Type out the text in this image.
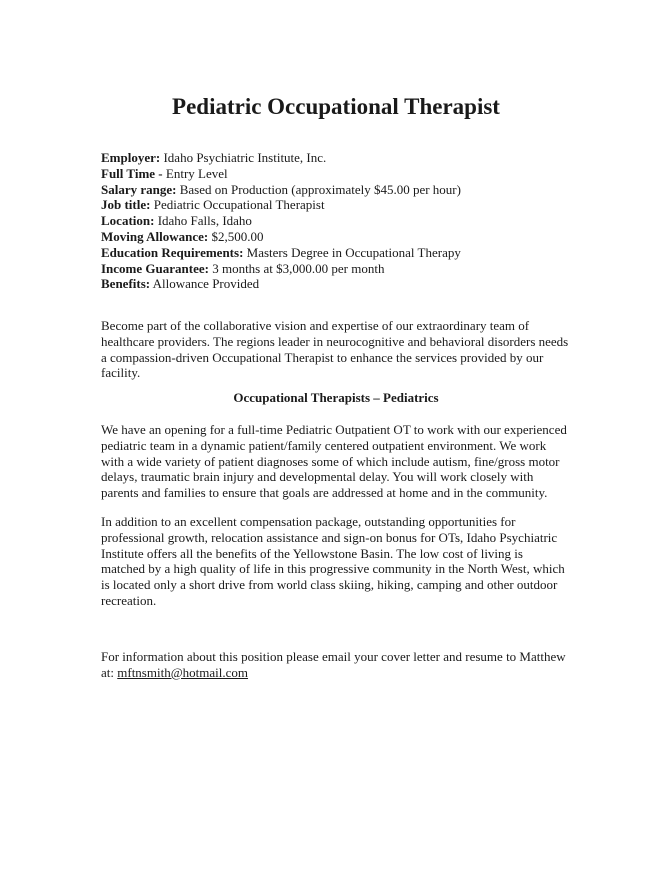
Pediatric Occupational Therapist
Employer: Idaho Psychiatric Institute, Inc.
Full Time - Entry Level
Salary range: Based on Production (approximately $45.00 per hour)
Job title: Pediatric Occupational Therapist
Location: Idaho Falls, Idaho
Moving Allowance: $2,500.00
Education Requirements: Masters Degree in Occupational Therapy
Income Guarantee: 3 months at $3,000.00 per month
Benefits: Allowance Provided

Become part of the collaborative vision and expertise of our extraordinary team of
healthcare providers. The regions leader in neurocognitive and behavioral disorders needs
a compassion-driven Occupational Therapist to enhance the services provided by our
facility.

Occupational Therapists – Pediatrics

We have an opening for a full-time Pediatric Outpatient OT to work with our experienced
pediatric team in a dynamic patient/family centered outpatient environment. We work
with a wide variety of patient diagnoses some of which include autism, fine/gross motor
delays, traumatic brain injury and developmental delay. You will work closely with
parents and families to ensure that goals are addressed at home and in the community.

In addition to an excellent compensation package, outstanding opportunities for
professional growth, relocation assistance and sign-on bonus for OTs, Idaho Psychiatric
Institute offers all the benefits of the Yellowstone Basin. The low cost of living is
matched by a high quality of life in this progressive community in the North West, which
is located only a short drive from world class skiing, hiking, camping and other outdoor
recreation.

For information about this position please email your cover letter and resume to Matthew
at: mftnsmith@hotmail.com
